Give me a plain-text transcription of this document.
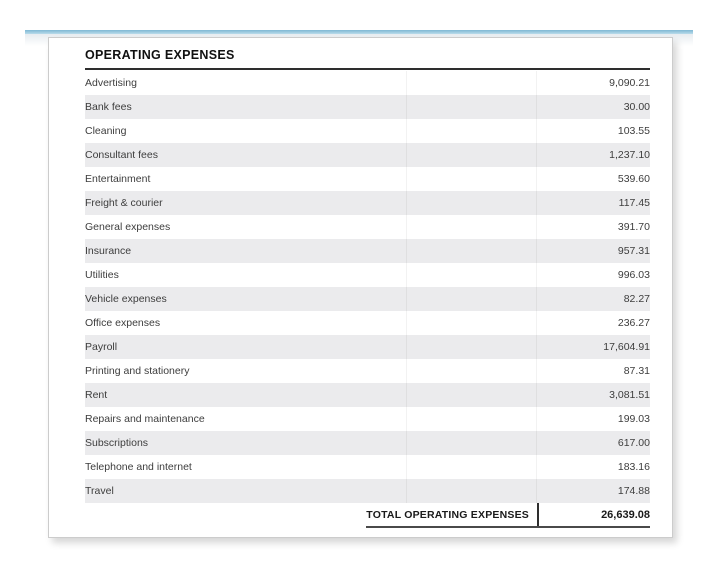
OPERATING EXPENSES
Advertising	9,090.21
Bank fees	30.00
Cleaning	103.55
Consultant fees	1,237.10
Entertainment	539.60
Freight & courier	117.45
General expenses	391.70
Insurance	957.31
Utilities	996.03
Vehicle expenses	82.27
Office expenses	236.27
Payroll	17,604.91
Printing and stationery	87.31
Rent	3,081.51
Repairs and maintenance	199.03
Subscriptions	617.00
Telephone and internet	183.16
Travel	174.88
TOTAL OPERATING EXPENSES	26,639.08
